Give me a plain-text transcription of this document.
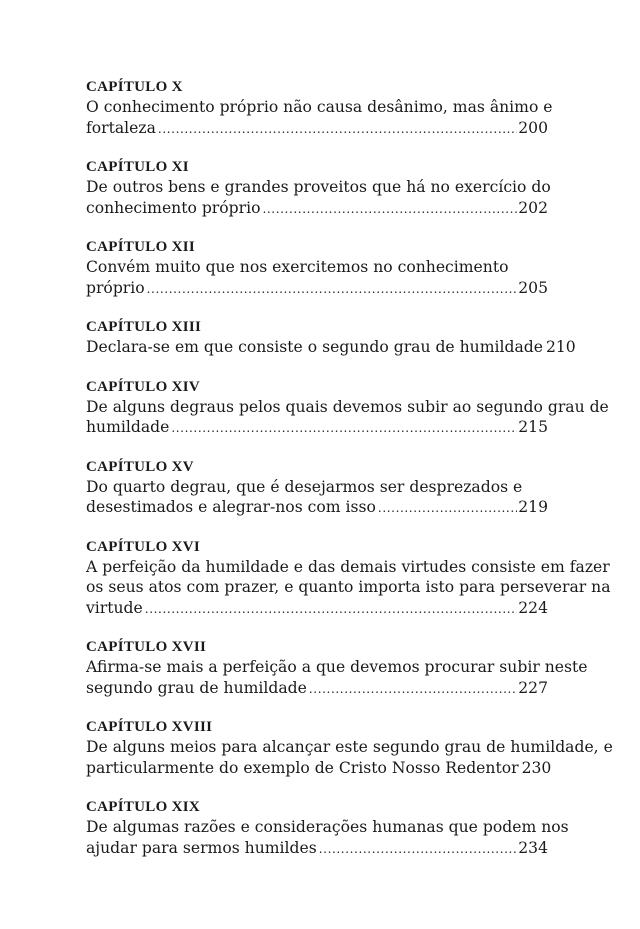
CAPÍTULO X
O conhecimento próprio não causa desânimo, mas ânimo e
fortaleza .....	200
CAPÍTULO XI
De outros bens e grandes proveitos que há no exercício do
conhecimento próprio .....	202
CAPÍTULO XII
Convém muito que nos exercitemos no conhecimento
próprio .....	205
CAPÍTULO XIII
Declara-se em que consiste o segundo grau de humildade 210
CAPÍTULO XIV
De alguns degraus pelos quais devemos subir ao segundo grau de
humildade .....	215
CAPÍTULO XV
Do quarto degrau, que é desejarmos ser desprezados e
desestimados e alegrar-nos com isso .....	219
CAPÍTULO XVI
A perfeição da humildade e das demais virtudes consiste em fazer
os seus atos com prazer, e quanto importa isto para perseverar na
virtude .....	224
CAPÍTULO XVII
Afirma-se mais a perfeição a que devemos procurar subir neste
segundo grau de humildade .....	227
CAPÍTULO XVIII
De alguns meios para alcançar este segundo grau de humildade, e
particularmente do exemplo de Cristo Nosso Redentor 230
CAPÍTULO XIX
De algumas razões e considerações humanas que podem nos
ajudar para sermos humildes .....	234
